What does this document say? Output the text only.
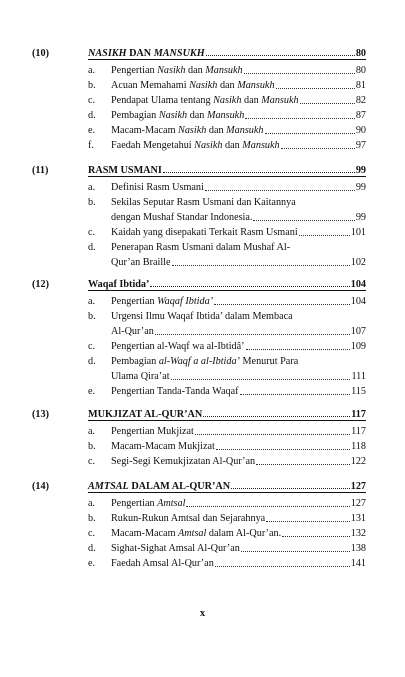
(10)	NASIKH DAN MANSUKH	80
a. Pengertian Nasikh dan Mansukh	80
b. Acuan Memahami Nasikh dan Mansukh	81
c. Pendapat Ulama tentang Nasikh dan Mansukh	82
d. Pembagian Nasikh dan Mansukh	87
e. Macam-Macam Nasikh dan Mansukh	90
f. Faedah Mengetahui Nasikh dan Mansukh	97
(11)	RASM USMANI	99
a. Definisi Rasm Usmani	99
b. Sekilas Seputar Rasm Usmani dan Kaitannya
dengan Mushaf Standar Indonesia.	99
c. Kaidah yang disepakati Terkait Rasm Usmani	101
d. Penerapan Rasm Usmani dalam Mushaf Al-
Qur’an Braille	102
(12)	Waqaf Ibtida’	104
a. Pengertian Waqaf Ibtida’	104
b. Urgensi Ilmu Waqaf Ibtida’ dalam Membaca
Al-Qur’an	107
c. Pengertian al-Waqf wa al-Ibtidâ’	109
d. Pembagian al-Waqf a al-Ibtida’ Menurut Para
Ulama Qira’at	111
e. Pengertian Tanda-Tanda Waqaf	115
(13)	MUKJIZAT AL-QUR’AN	117
a. Pengertian Mukjizat	117
b. Macam-Macam Mukjizat	118
c. Segi-Segi Kemukjizatan Al-Qur’an	122
(14)	AMTSAL DALAM AL-QUR’AN	127
a. Pengertian Amtsal	127
b. Rukun-Rukun Amtsal dan Sejarahnya	131
c. Macam-Macam Amtsal dalam Al-Qur’an.	132
d. Sighat-Sighat Amsal Al-Qur’an	138
e. Faedah Amsal Al-Qur’an	141
x
